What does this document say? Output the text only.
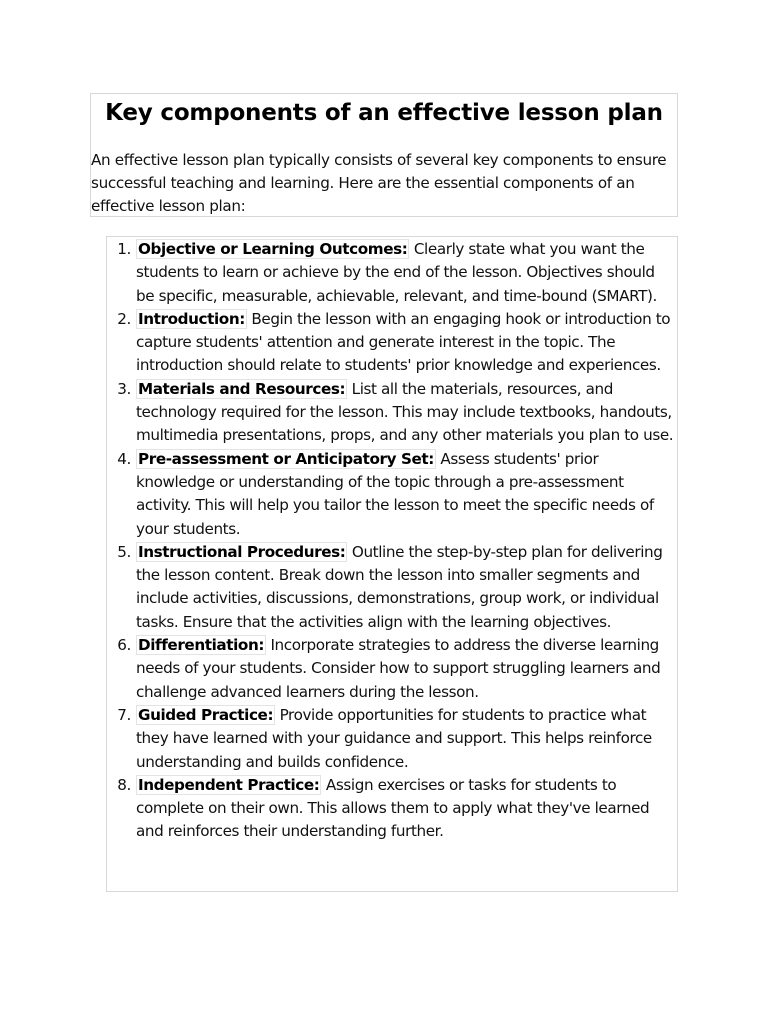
Key components of an effective lesson plan

An effective lesson plan typically consists of several key components to ensure successful teaching and learning. Here are the essential components of an effective lesson plan:

1. Objective or Learning Outcomes: Clearly state what you want the students to learn or achieve by the end of the lesson. Objectives should be specific, measurable, achievable, relevant, and time-bound (SMART).
2. Introduction: Begin the lesson with an engaging hook or introduction to capture students' attention and generate interest in the topic. The introduction should relate to students' prior knowledge and experiences.
3. Materials and Resources: List all the materials, resources, and technology required for the lesson. This may include textbooks, handouts, multimedia presentations, props, and any other materials you plan to use.
4. Pre-assessment or Anticipatory Set: Assess students' prior knowledge or understanding of the topic through a pre-assessment activity. This will help you tailor the lesson to meet the specific needs of your students.
5. Instructional Procedures: Outline the step-by-step plan for delivering the lesson content. Break down the lesson into smaller segments and include activities, discussions, demonstrations, group work, or individual tasks. Ensure that the activities align with the learning objectives.
6. Differentiation: Incorporate strategies to address the diverse learning needs of your students. Consider how to support struggling learners and challenge advanced learners during the lesson.
7. Guided Practice: Provide opportunities for students to practice what they have learned with your guidance and support. This helps reinforce understanding and builds confidence.
8. Independent Practice: Assign exercises or tasks for students to complete on their own. This allows them to apply what they've learned and reinforces their understanding further.
